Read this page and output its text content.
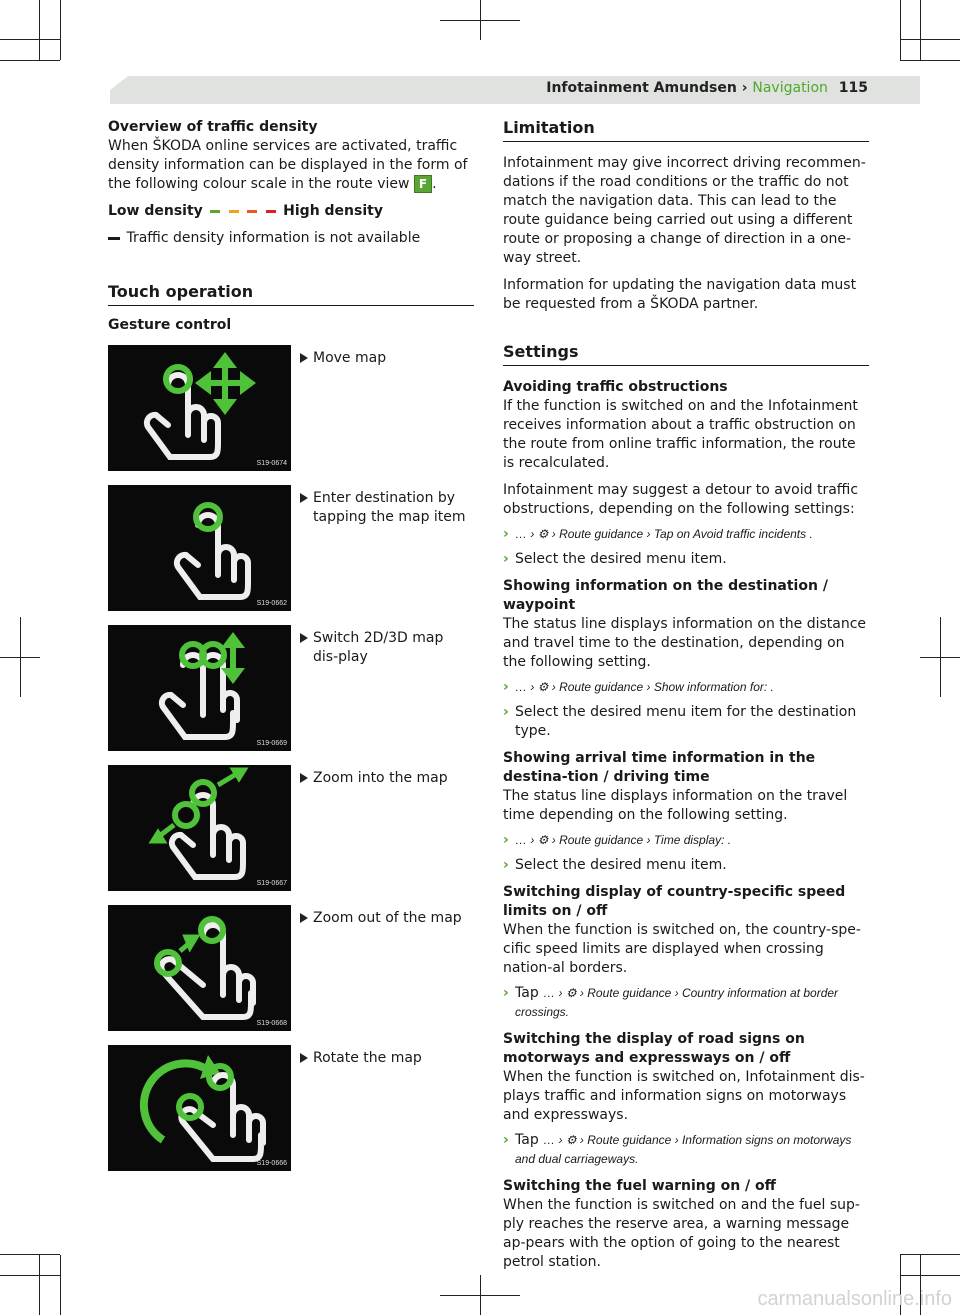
Infotainment Amundsen › Navigation 115

Overview of traffic density

When ŠKODA online services are activated, traffic density information can be displayed in the form of the following colour scale in the route view F .

Low density	High density

Traffic density information is not available

Touch operation

Gesture control

S19-0674
Move map
S19-0662
Enter destination by tapping the map item
S19-0669
Switch 2D/3D map dis-play
S19-0667
Zoom into the map
S19-0668
Zoom out of the map
S19-0666
Rotate the map
Limitation

Infotainment may give incorrect driving recommen-dations if the road conditions or the traffic do not match the navigation data. This can lead to the route guidance being carried out using a different route or proposing a change of direction in a one-way street.

Information for updating the navigation data must be requested from a ŠKODA partner.

Settings

Avoiding traffic obstructions

If the function is switched on and the Infotainment receives information about a traffic obstruction on the route from online traffic information, the route is recalculated.

Infotainment may suggest a detour to avoid traffic obstructions, depending on the following settings:

› … › ⚙ › Route guidance › Tap on Avoid traffic incidents .
› Select the desired menu item.

Showing information on the destination / waypoint

The status line displays information on the distance and travel time to the destination, depending on the following setting.

› … › ⚙ › Route guidance › Show information for: .
› Select the desired menu item for the destination type.

Showing arrival time information in the destina-tion / driving time

The status line displays information on the travel time depending on the following setting.

› … › ⚙ › Route guidance › Time display: .
› Select the desired menu item.

Switching display of country-specific speed limits on / off

When the function is switched on, the country-spe-cific speed limits are displayed when crossing nation-al borders.

› Tap … › ⚙ › Route guidance › Country information at border crossings.

Switching the display of road signs on motorways and expressways on / off

When the function is switched on, Infotainment dis-plays traffic and information signs on motorways and expressways.

› Tap … › ⚙ › Route guidance › Information signs on motorways and dual carriageways.

Switching the fuel warning on / off

When the function is switched on and the fuel sup-ply reaches the reserve area, a warning message ap-pears with the option of going to the nearest petrol station.

carmanualsonline.info
